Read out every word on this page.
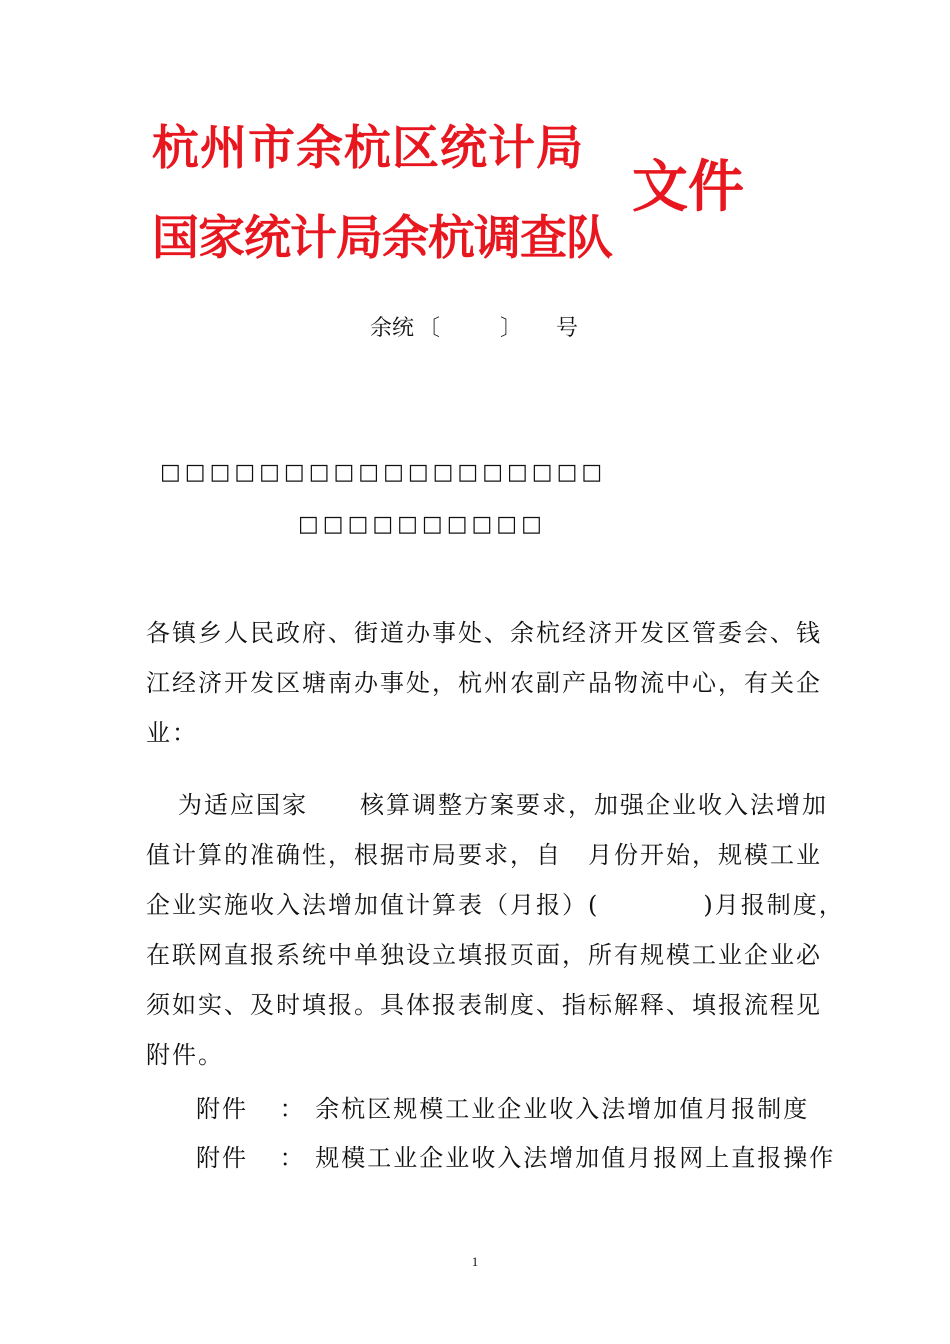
杭州市余杭区统计局
国家统计局余杭调查队
文件
余统 〔	〕 号
□□□□□□□□□□□□□□□□□□
□□□□□□□□□□
各镇乡人民政府、街道办事处、余杭经济开发区管委会、钱
江经济开发区塘南办事处，杭州农副产品物流中心，有关企
业：
为适应国家　　核算调整方案要求，加强企业收入法增加
值计算的准确性，根据市局要求，自　月份开始，规模工业
企业实施收入法增加值计算表（月报）(　　　　)月报制度，
在联网直报系统中单独设立填报页面，所有规模工业企业必
须如实、及时填报。具体报表制度、指标解释、填报流程见
附件。
附件 ： 余杭区规模工业企业收入法增加值月报制度
附件 ： 规模工业企业收入法增加值月报网上直报操作
1
